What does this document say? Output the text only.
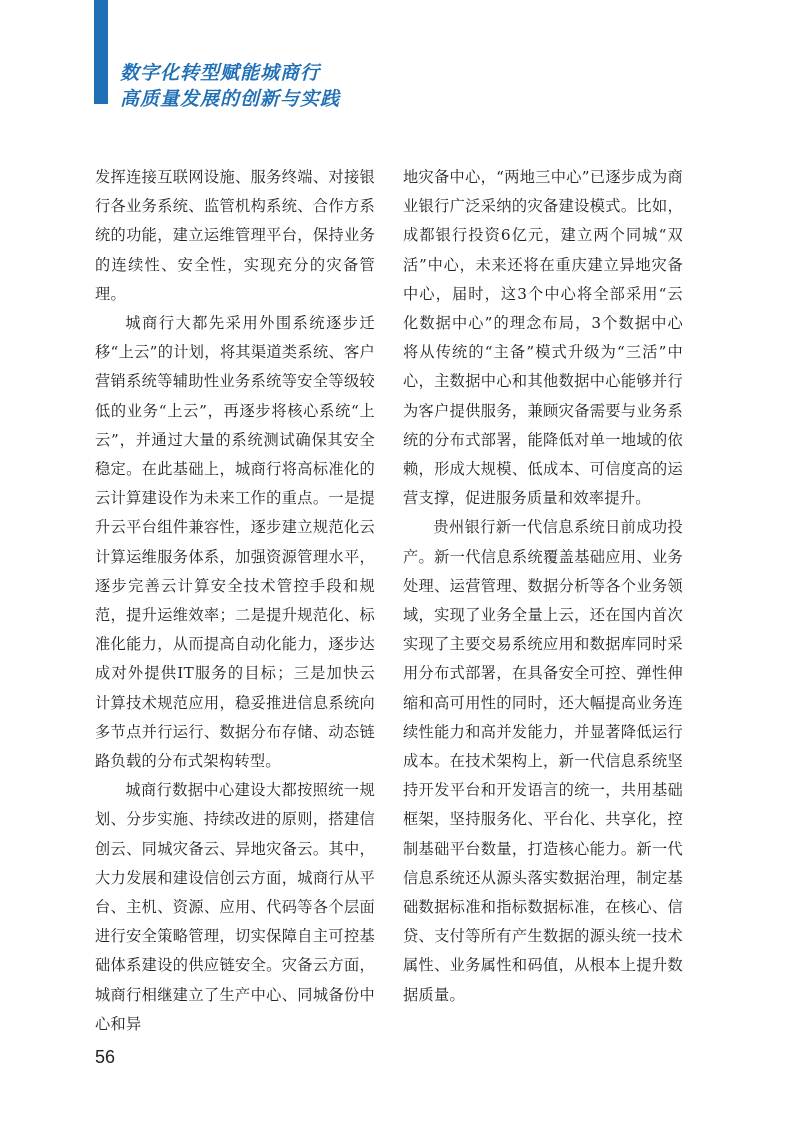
数字化转型赋能城商行
高质量发展的创新与实践

发挥连接互联网设施、服务终端、对接银行各业务系统、监管机构系统、合作方系统的功能，建立运维管理平台，保持业务的连续性、安全性，实现充分的灾备管理。

城商行大都先采用外围系统逐步迁移“上云”的计划，将其渠道类系统、客户营销系统等辅助性业务系统等安全等级较低的业务“上云”，再逐步将核心系统“上云”，并通过大量的系统测试确保其安全稳定。在此基础上，城商行将高标准化的云计算建设作为未来工作的重点。一是提升云平台组件兼容性，逐步建立规范化云计算运维服务体系，加强资源管理水平，逐步完善云计算安全技术管控手段和规范，提升运维效率；二是提升规范化、标准化能力，从而提高自动化能力，逐步达成对外提供IT服务的目标；三是加快云计算技术规范应用，稳妥推进信息系统向多节点并行运行、数据分布存储、动态链路负载的分布式架构转型。

城商行数据中心建设大都按照统一规划、分步实施、持续改进的原则，搭建信创云、同城灾备云、异地灾备云。其中，大力发展和建设信创云方面，城商行从平台、主机、资源、应用、代码等各个层面进行安全策略管理，切实保障自主可控基础体系建设的供应链安全。灾备云方面，城商行相继建立了生产中心、同城备份中心和异

地灾备中心，“两地三中心”已逐步成为商业银行广泛采纳的灾备建设模式。比如，成都银行投资6亿元，建立两个同城“双活”中心，未来还将在重庆建立异地灾备中心，届时，这3个中心将全部采用“云化数据中心”的理念布局，3个数据中心将从传统的“主备”模式升级为“三活”中心，主数据中心和其他数据中心能够并行为客户提供服务，兼顾灾备需要与业务系统的分布式部署，能降低对单一地域的依赖，形成大规模、低成本、可信度高的运营支撑，促进服务质量和效率提升。

贵州银行新一代信息系统日前成功投产。新一代信息系统覆盖基础应用、业务处理、运营管理、数据分析等各个业务领域，实现了业务全量上云，还在国内首次实现了主要交易系统应用和数据库同时采用分布式部署，在具备安全可控、弹性伸缩和高可用性的同时，还大幅提高业务连续性能力和高并发能力，并显著降低运行成本。在技术架构上，新一代信息系统坚持开发平台和开发语言的统一，共用基础框架，坚持服务化、平台化、共享化，控制基础平台数量，打造核心能力。新一代信息系统还从源头落实数据治理，制定基础数据标准和指标数据标准，在核心、信贷、支付等所有产生数据的源头统一技术属性、业务属性和码值，从根本上提升数据质量。

56
